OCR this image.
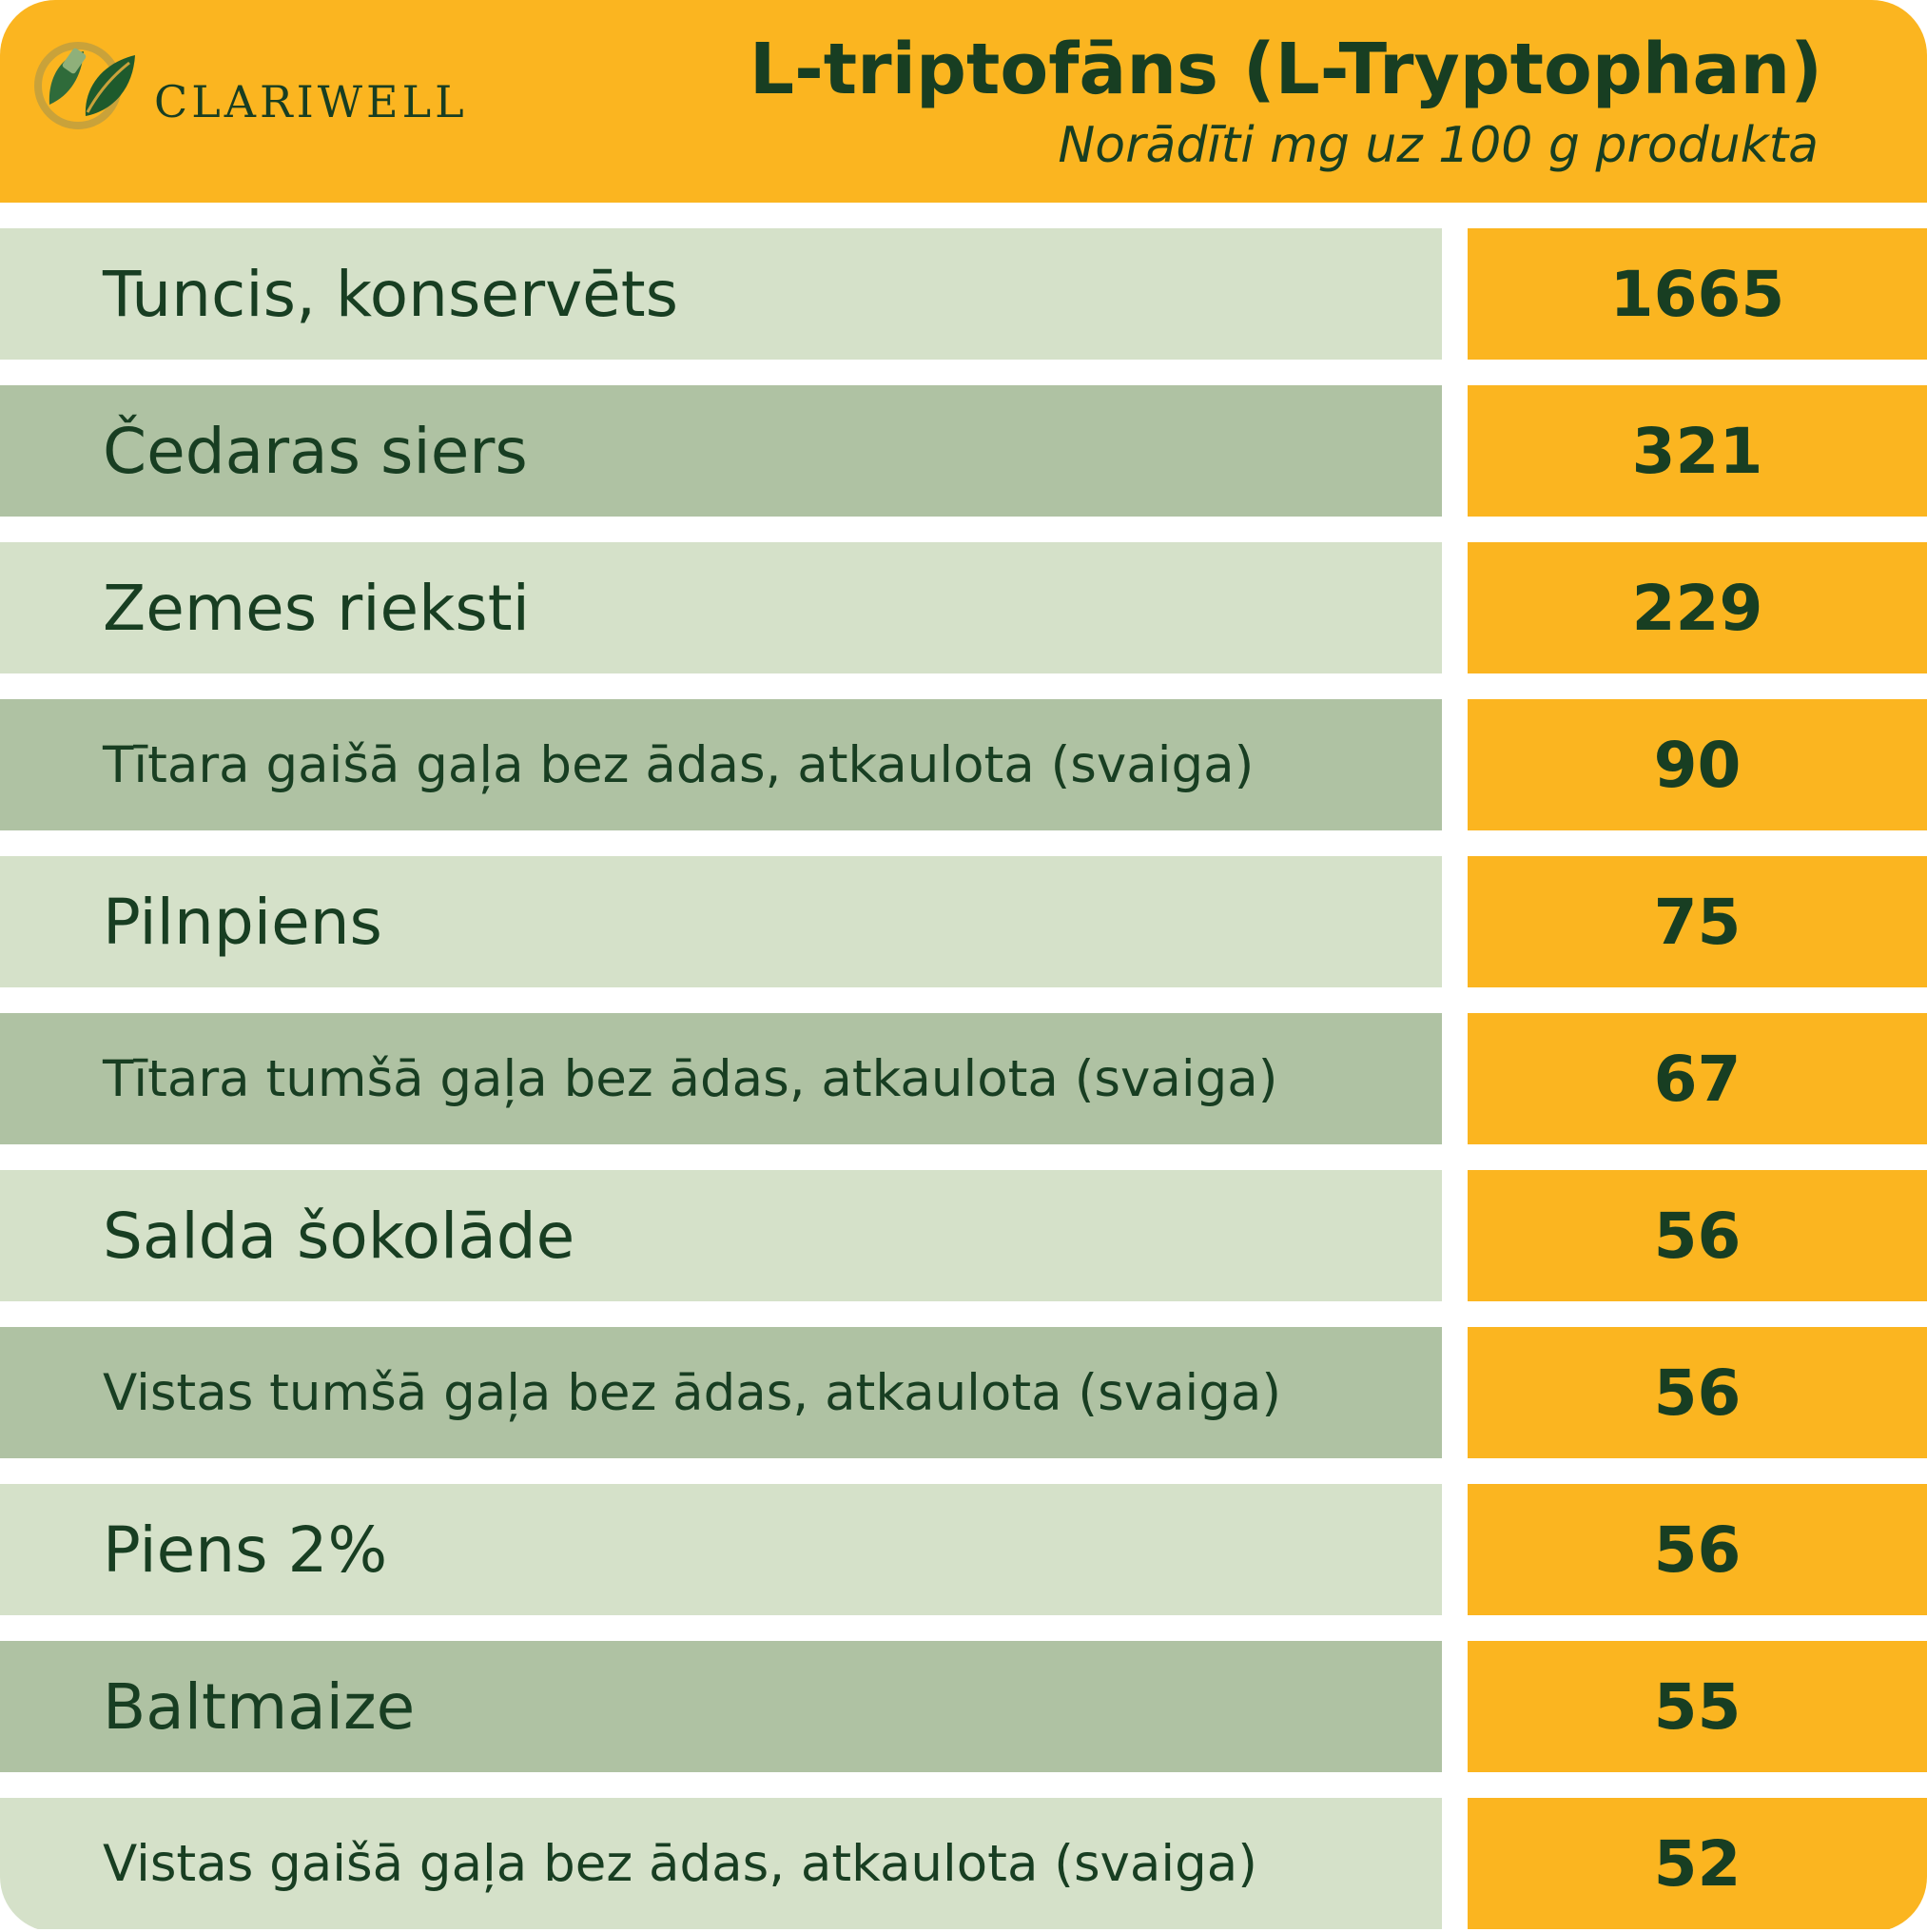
CLARIWELL	L-triptofāns (L-Tryptophan)
Norādīti mg uz 100 g produkta
Tuncis, konservēts	1665
Čedaras siers	321
Zemes rieksti	229
Tītara gaišā gaļa bez ādas, atkaulota (svaiga)	90
Pilnpiens	75
Tītara tumšā gaļa bez ādas, atkaulota (svaiga)	67
Salda šokolāde	56
Vistas tumšā gaļa bez ādas, atkaulota (svaiga)	56
Piens 2%	56
Baltmaize	55
Vistas gaišā gaļa bez ādas, atkaulota (svaiga)	52
